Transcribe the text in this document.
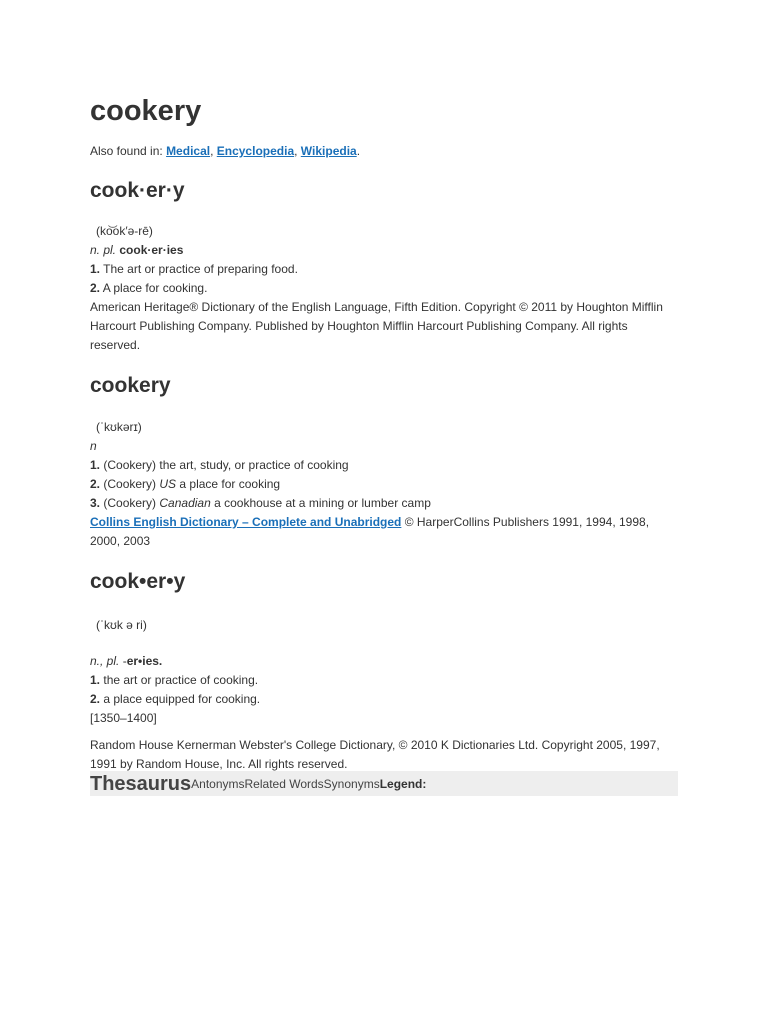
cookery
Also found in: Medical, Encyclopedia, Wikipedia.
cook·er·y
(ko͝ok′ə-rē)
n. pl. cook·er·ies
1. The art or practice of preparing food.
2. A place for cooking.
American Heritage® Dictionary of the English Language, Fifth Edition. Copyright © 2011 by Houghton Mifflin Harcourt Publishing Company. Published by Houghton Mifflin Harcourt Publishing Company. All rights reserved.
cookery
(ˈkʊkərɪ)
n
1. (Cookery) the art, study, or practice of cooking
2. (Cookery) US a place for cooking
3. (Cookery) Canadian a cookhouse at a mining or lumber camp
Collins English Dictionary – Complete and Unabridged © HarperCollins Publishers 1991, 1994, 1998, 2000, 2003
cook•er•y
(ˈkʊk ə ri)
n., pl. -er•ies.
1. the art or practice of cooking.
2. a place equipped for cooking.
[1350–1400]
Random House Kernerman Webster's College Dictionary, © 2010 K Dictionaries Ltd. Copyright 2005, 1997, 1991 by Random House, Inc. All rights reserved.
Thesaurus Antonyms Related Words Synonyms Legend:
